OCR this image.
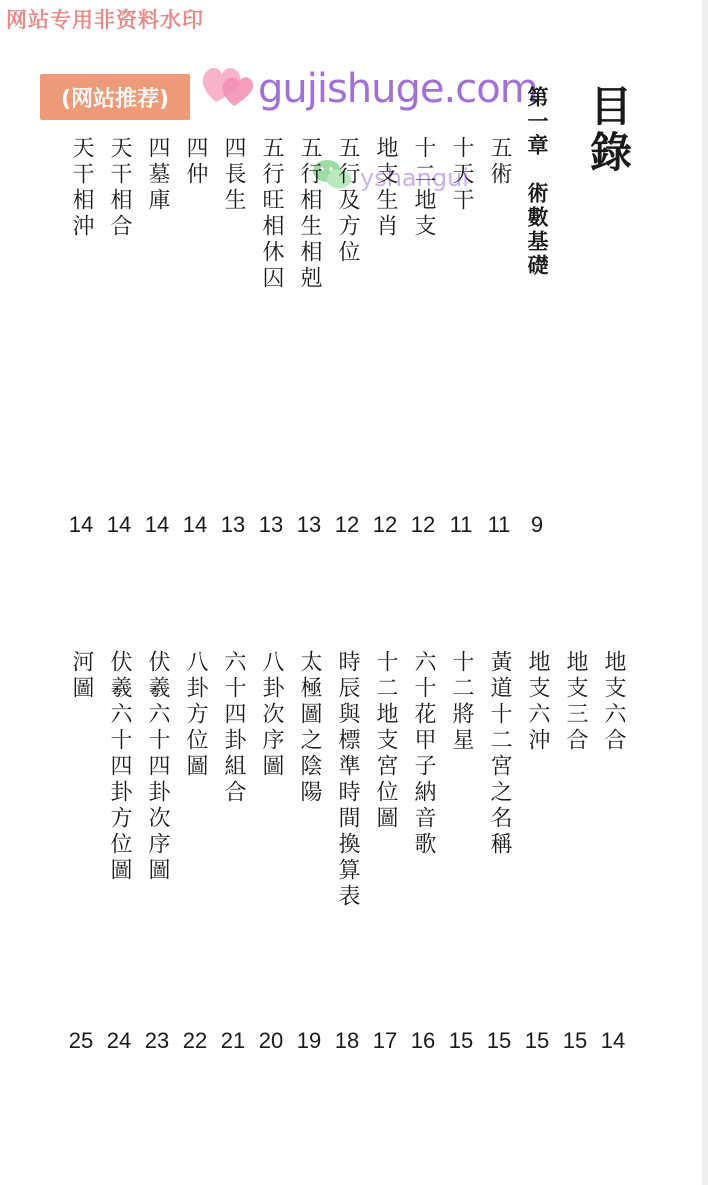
网站专用非资料水印
(网站推荐)	gujishuge.com
yshangui
目錄
第一章　術數基礎
9
五術
11
十天干
11
十二地支
12
地支生肖
12
五行及方位
12
五行相生相剋
13
五行旺相休囚
13
四長生
13
四仲
14
四墓庫
14
天干相合
14
天干相沖
14
地支六合
14
地支三合
15
地支六沖
15
黃道十二宮之名稱
15
十二將星
15
六十花甲子納音歌
16
十二地支宮位圖
17
時辰與標準時間換算表
18
太極圖之陰陽
19
八卦次序圖
20
六十四卦組合
21
八卦方位圖
22
伏羲六十四卦次序圖
23
伏羲六十四卦方位圖
24
河圖
25
